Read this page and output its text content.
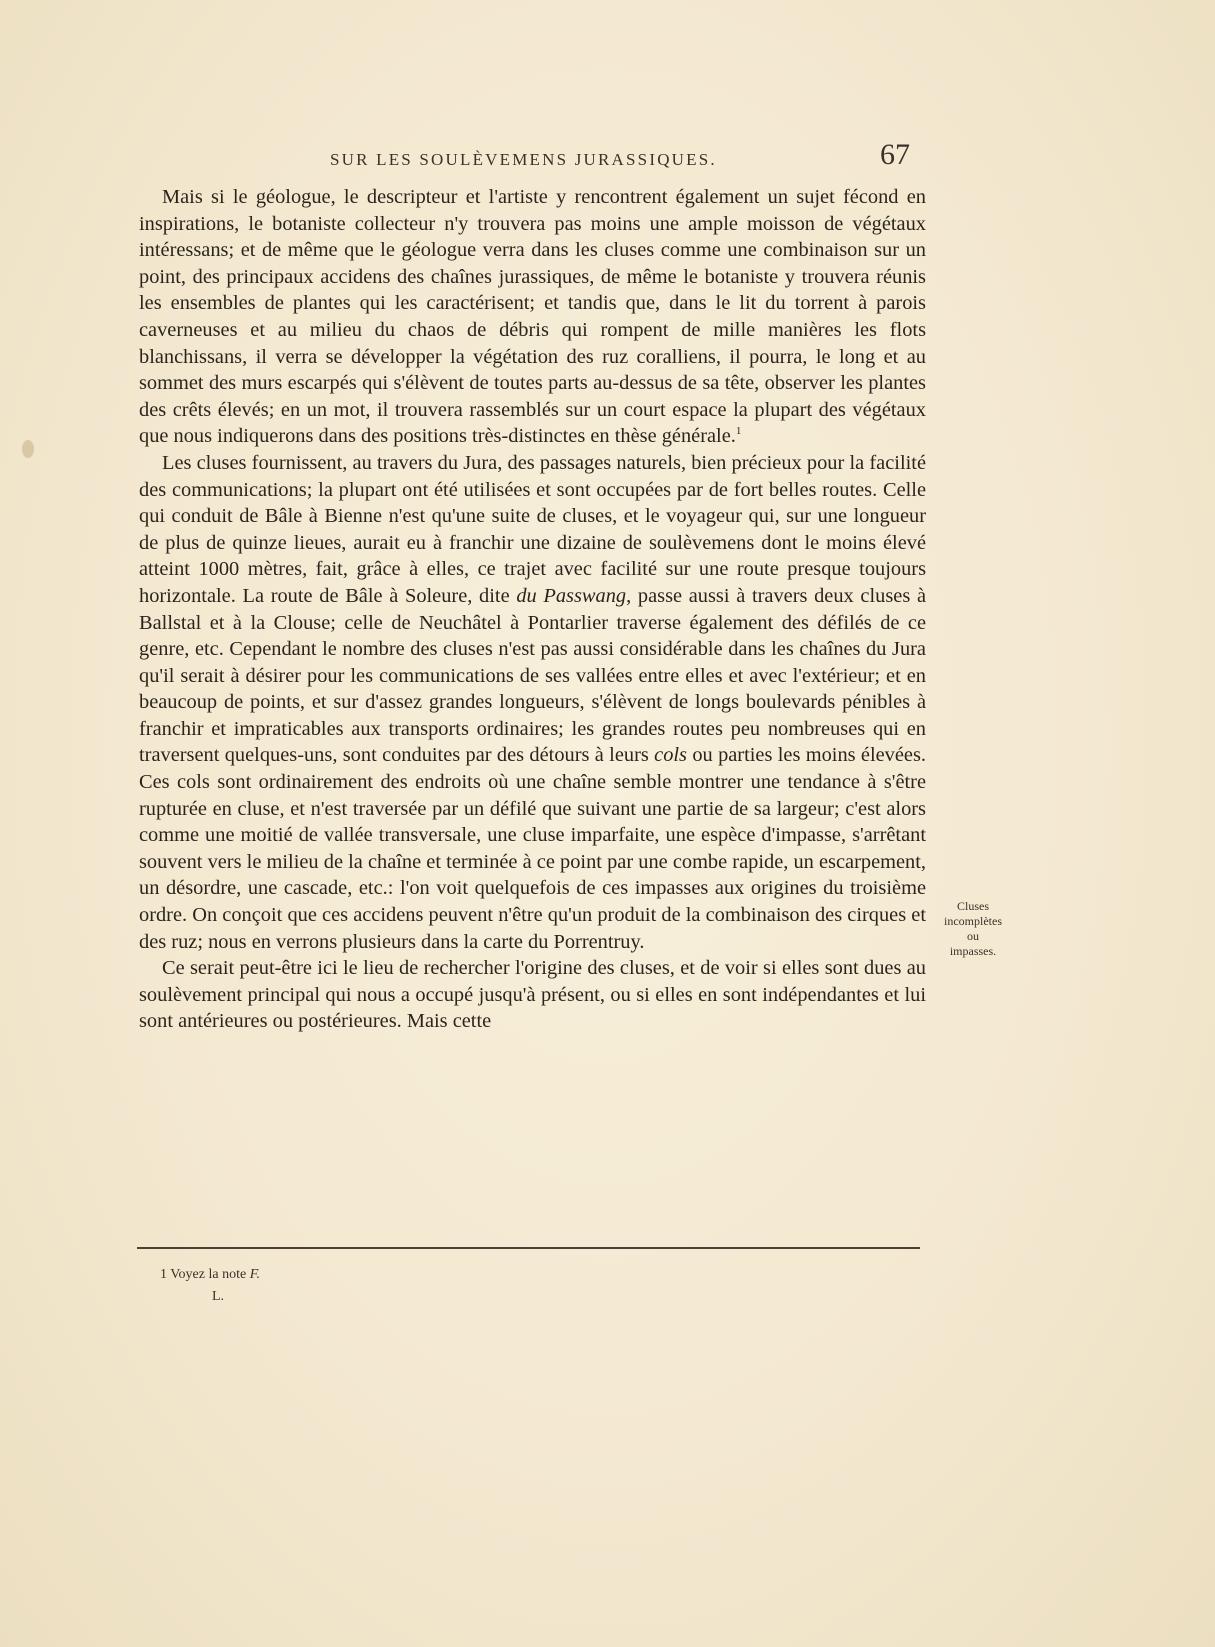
SUR LES SOULÈVEMENS JURASSIQUES.	67

Mais si le géologue, le descripteur et l'artiste y rencontrent également un sujet fécond en inspirations, le botaniste collecteur n'y trouvera pas moins une ample moisson de végétaux intéressans; et de même que le géologue verra dans les cluses comme une combinaison sur un point, des principaux accidens des chaînes jurassiques, de même le botaniste y trouvera réunis les ensembles de plantes qui les caractérisent; et tandis que, dans le lit du torrent à parois caverneuses et au milieu du chaos de débris qui rompent de mille manières les flots blanchissans, il verra se développer la végétation des ruz coralliens, il pourra, le long et au sommet des murs escarpés qui s'élèvent de toutes parts au-dessus de sa tête, observer les plantes des crêts élevés; en un mot, il trouvera rassemblés sur un court espace la plupart des végétaux que nous indiquerons dans des positions très-distinctes en thèse générale.$^1$

Les cluses fournissent, au travers du Jura, des passages naturels, bien précieux pour la facilité des communications; la plupart ont été utilisées et sont occupées par de fort belles routes. Celle qui conduit de Bâle à Bienne n'est qu'une suite de cluses, et le voyageur qui, sur une longueur de plus de quinze lieues, aurait eu à franchir une dizaine de soulèvemens dont le moins élevé atteint 1000 mètres, fait, grâce à elles, ce trajet avec facilité sur une route presque toujours horizontale. La route de Bâle à Soleure, dite du Passwang, passe aussi à travers deux cluses à Ballstal et à la Clouse; celle de Neuchâtel à Pontarlier traverse également des défilés de ce genre, etc. Cependant le nombre des cluses n'est pas aussi considérable dans les chaînes du Jura qu'il serait à désirer pour les communications de ses vallées entre elles et avec l'extérieur; et en beaucoup de points, et sur d'assez grandes longueurs, s'élèvent de longs boulevards pénibles à franchir et impraticables aux transports ordinaires; les grandes routes peu nombreuses qui en traversent quelques-uns, sont conduites par des détours à leurs cols ou parties les moins élevées. Ces cols sont ordinairement des endroits où une chaîne semble montrer une tendance à s'être rupturée en cluse, et n'est traversée par un défilé que suivant une partie de sa largeur; c'est alors comme une moitié de vallée transversale, une cluse imparfaite, une espèce d'impasse, s'arrêtant souvent vers le milieu de la chaîne et terminée à ce point par une combe rapide, un escarpement, un désordre, une cascade, etc.: l'on voit quelquefois de ces impasses aux origines du troisième ordre. On conçoit que ces accidens peuvent n'être qu'un produit de la combinaison des cirques et des ruz; nous en verrons plusieurs dans la carte du Porrentruy.

Ce serait peut-être ici le lieu de rechercher l'origine des cluses, et de voir si elles sont dues au soulèvement principal qui nous a occupé jusqu'à présent, ou si elles en sont indépendantes et lui sont antérieures ou postérieures. Mais cette

Cluses
incomplètes
ou
impasses.
1 Voyez la note F.
L.
